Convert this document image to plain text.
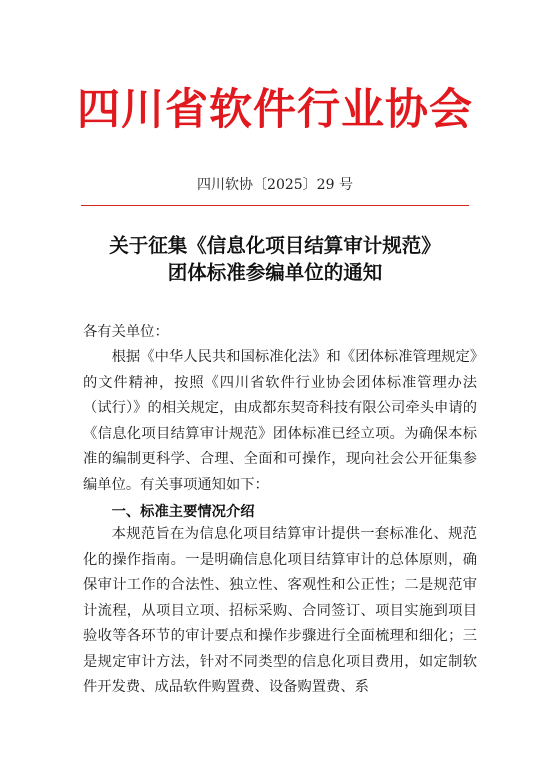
四川省软件行业协会
四川软协〔2025〕29 号
关于征集《信息化项目结算审计规范》
团体标准参编单位的通知
各有关单位：

根据《中华人民共和国标准化法》和《团体标准管理规定》的文件精神，按照《四川省软件行业协会团体标准管理办法（试行）》的相关规定，由成都东契奇科技有限公司牵头申请的《信息化项目结算审计规范》团体标准已经立项。为确保本标准的编制更科学、合理、全面和可操作，现向社会公开征集参编单位。有关事项通知如下：

一、标准主要情况介绍

本规范旨在为信息化项目结算审计提供一套标准化、规范化的操作指南。一是明确信息化项目结算审计的总体原则，确保审计工作的合法性、独立性、客观性和公正性；二是规范审计流程，从项目立项、招标采购、合同签订、项目实施到项目验收等各环节的审计要点和操作步骤进行全面梳理和细化；三是规定审计方法，针对不同类型的信息化项目费用，如定制软件开发费、成品软件购置费、设备购置费、系
